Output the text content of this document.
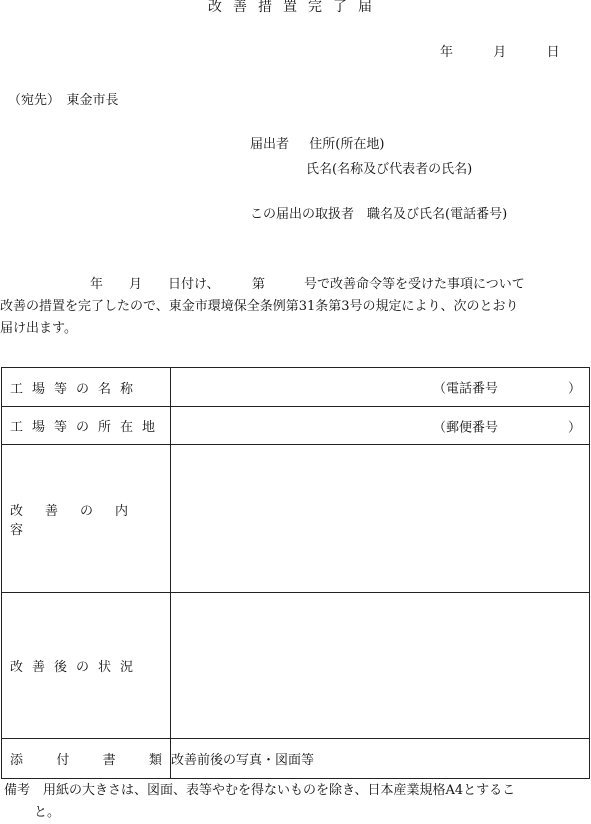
改善措置完了届
年	月	日
（宛先）　東金市長
届出者 住所(所在地)
氏名(名称及び代表者の氏名)
この届出の取扱者　職名及び氏名(電話番号)
年　　月　　日付け、　　　第　　　号で改善命令等を受けた事項について
改善の措置を完了したので、東金市環境保全条例第31条第3号の規定により、次のとおり
届け出ます。
工場等の名称	（電話番号 ）

工場等の所在地	（郵便番号 ）

改善の内容	
改善後の状況	

添 付 書 類	改善前後の写真・図面等
備考　用紙の大きさは、図面、表等やむを得ないものを除き、日本産業規格A4とするこ
と。
